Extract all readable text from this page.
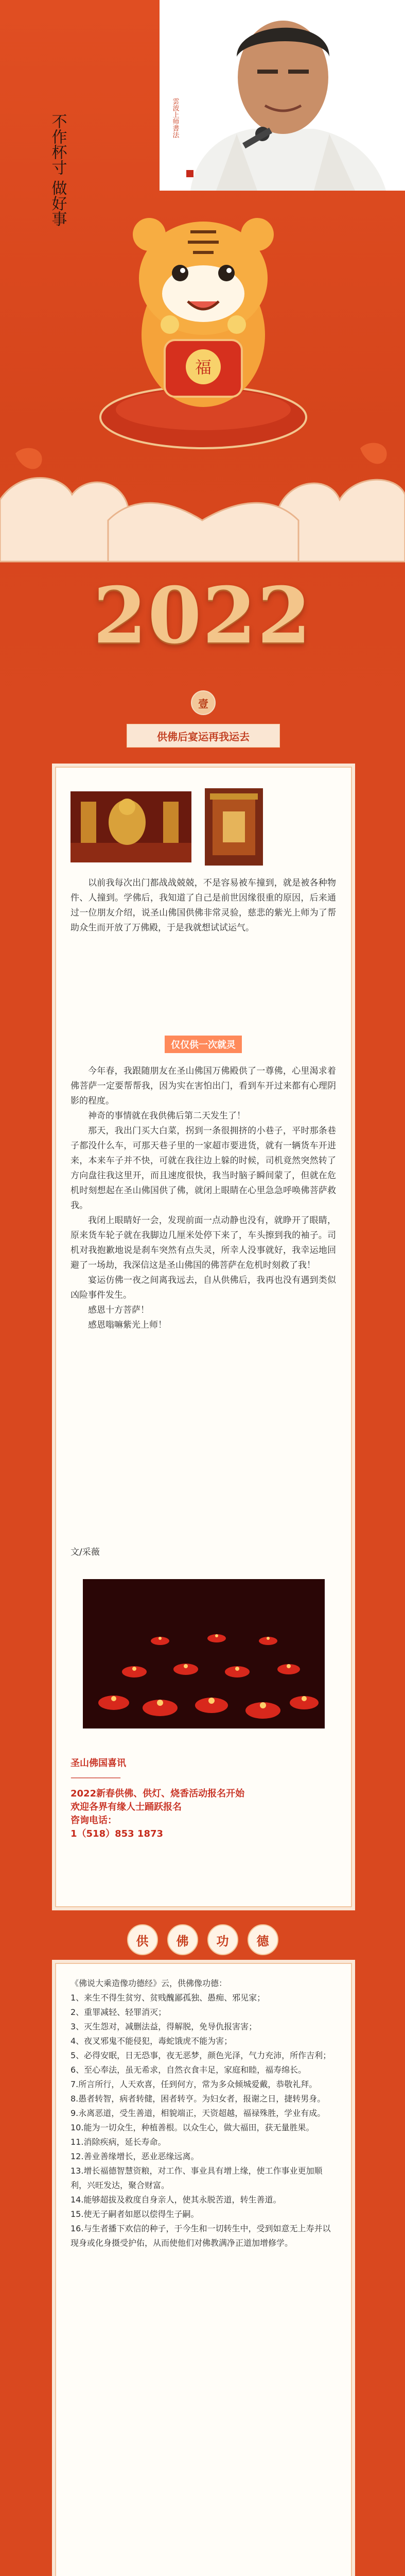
不作杯寸 做好事	雲波上师書法
福
2022
壹
供佛后宴运再我运去

以前我每次出门都战战兢兢，不是容易被车撞到，就是被各种物件、人撞到。学佛后，我知道了自己是前世因缘很重的原因，后来通过一位朋友介绍，说圣山佛国供佛非常灵验，慈悲的紫光上师为了帮助众生而开放了万佛殿，于是我就想试试运气。

仅仅供一次就灵

今年春，我跟随朋友在圣山佛国万佛殿供了一尊佛，心里渴求着佛菩萨一定要帮帮我，因为实在害怕出门，看到车开过来都有心理阴影的程度。

神奇的事情就在我供佛后第二天发生了！

那天，我出门买大白菜，拐到一条很拥挤的小巷子，平时那条巷子都没什么车，可那天巷子里的一家超市要进货，就有一辆货车开进来，本来车子并不快，可就在我往边上躲的时候，司机竟然突然转了方向盘往我这里开，而且速度很快，我当时脑子瞬间蒙了，但就在危机时刻想起在圣山佛国供了佛，就闭上眼睛在心里急急呼唤佛菩萨救我。

我闭上眼睛好一会，发现前面一点动静也没有，就睁开了眼睛，原来货车轮子就在我脚边几厘米处停下来了，车头擦到我的袖子。司机对我抱歉地说是刹车突然有点失灵，所幸人没事就好，我幸运地回避了一场劫，我深信这是圣山佛国的佛菩萨在危机时刻救了我！

宴运仿佛一夜之间离我远去，自从供佛后，我再也没有遇到类似凶险事件发生。

感恩十方菩萨！

感恩嗡嘛紫光上师！

文/采薇
圣山佛国喜讯
——————
2022新春供佛、供灯、烧香活动报名开始
欢迎各界有缘人士踊跃报名
咨询电话：
1（518）853 1873
供	佛	功	德
《佛说大乘造像功德经》云，供佛像功德：
1、来生不得生贫穷、贫贱醜鄙孤独、愚痴、邪见家；
2、重罪减轻、轻罪消灭；
3、灭生怨对，减删法益，得解脱，免导仇报害害；
4、夜叉邪鬼不能侵犯，毒蛇饿虎不能为害；
5、必得安眠，日无恐事，夜无恶梦，颜色光泽，气力充沛，所作吉利；
6、至心奉法，虽无希求，自然衣食丰足，家庭和睦，福寿绵长。
7.所言所行，人天欢喜，任到何方，常为多众倾城爱戴，恭敬礼拜。
8.愚者转智，病者转健，困者转亨。为妇女者，报谢之日，捷转男身。
9.永离恶道，受生善道，相貌端正，天资超越，福禄殊胜，学业有成。
10.能为一切众生，种植善根。以众生心，做大福田，获无量胜果。
11.消除疾病，延长寿命。
12.善业善缘增长，恶业恶缘远离。
13.增长福德智慧资粮，对工作、事业具有增上缘，使工作事业更加顺利，兴旺发达，聚合财富。
14.能够超拔及救度自身亲人，使其永脱苦道，转生善道。
15.使无子嗣者如愿以偿得生子嗣。
16.与生者播下欢信的种子，于今生和一切转生中，受到如意无上寿并以现身或化身摄受护佑，从而使他们对佛教满净正道加增修学。
